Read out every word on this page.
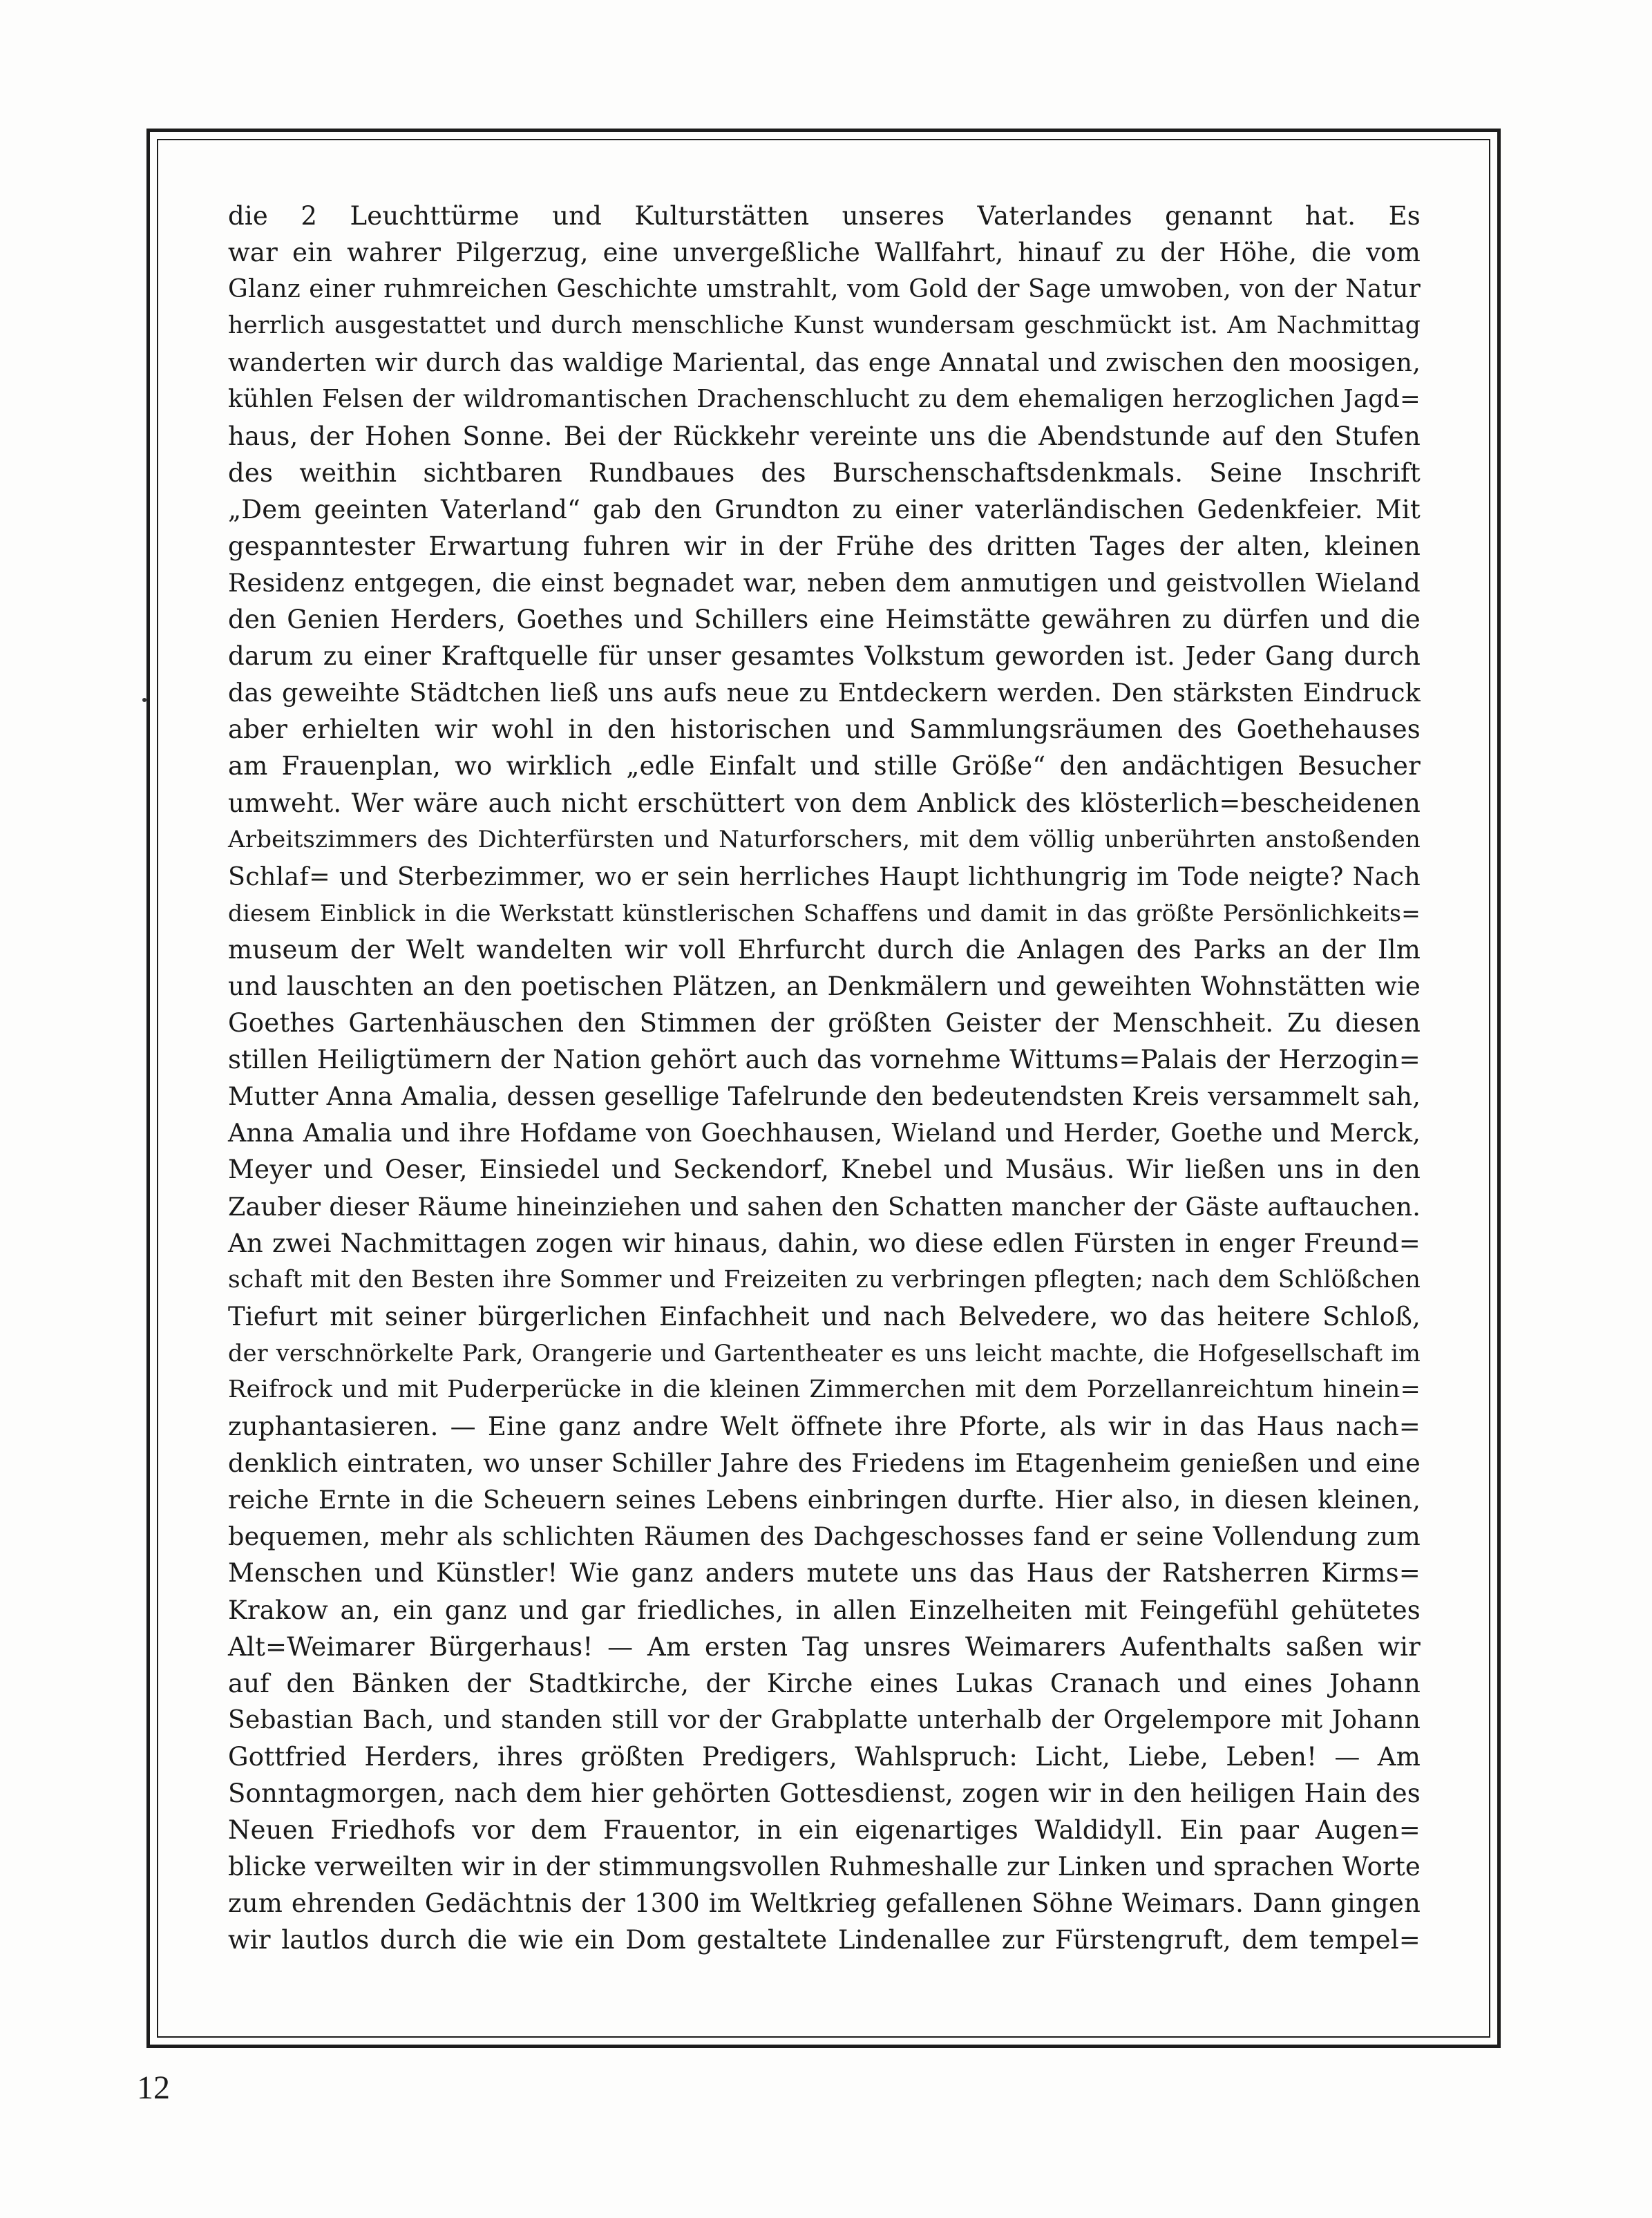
die 2 Leuchttürme und Kulturstätten unseres Vaterlandes genannt hat. Es
war ein wahrer Pilgerzug, eine unvergeßliche Wallfahrt, hinauf zu der Höhe, die vom
Glanz einer ruhmreichen Geschichte umstrahlt, vom Gold der Sage umwoben, von der Natur
herrlich ausgestattet und durch menschliche Kunst wundersam geschmückt ist. Am Nachmittag
wanderten wir durch das waldige Mariental, das enge Annatal und zwischen den moosigen,
kühlen Felsen der wildromantischen Drachenschlucht zu dem ehemaligen herzoglichen Jagd=
haus, der Hohen Sonne. Bei der Rückkehr vereinte uns die Abendstunde auf den Stufen
des weithin sichtbaren Rundbaues des Burschenschaftsdenkmals. Seine Inschrift
„Dem geeinten Vaterland“ gab den Grundton zu einer vaterländischen Gedenkfeier. Mit
gespanntester Erwartung fuhren wir in der Frühe des dritten Tages der alten, kleinen
Residenz entgegen, die einst begnadet war, neben dem anmutigen und geistvollen Wieland
den Genien Herders, Goethes und Schillers eine Heimstätte gewähren zu dürfen und die
darum zu einer Kraftquelle für unser gesamtes Volkstum geworden ist. Jeder Gang durch
das geweihte Städtchen ließ uns aufs neue zu Entdeckern werden. Den stärksten Eindruck
aber erhielten wir wohl in den historischen und Sammlungsräumen des Goethehauses
am Frauenplan, wo wirklich „edle Einfalt und stille Größe“ den andächtigen Besucher
umweht. Wer wäre auch nicht erschüttert von dem Anblick des klösterlich=bescheidenen
Arbeitszimmers des Dichterfürsten und Naturforschers, mit dem völlig unberührten anstoßenden
Schlaf= und Sterbezimmer, wo er sein herrliches Haupt lichthungrig im Tode neigte? Nach
diesem Einblick in die Werkstatt künstlerischen Schaffens und damit in das größte Persönlichkeits=
museum der Welt wandelten wir voll Ehrfurcht durch die Anlagen des Parks an der Ilm
und lauschten an den poetischen Plätzen, an Denkmälern und geweihten Wohnstätten wie
Goethes Gartenhäuschen den Stimmen der größten Geister der Menschheit. Zu diesen
stillen Heiligtümern der Nation gehört auch das vornehme Wittums=Palais der Herzogin=
Mutter Anna Amalia, dessen gesellige Tafelrunde den bedeutendsten Kreis versammelt sah,
Anna Amalia und ihre Hofdame von Goechhausen, Wieland und Herder, Goethe und Merck,
Meyer und Oeser, Einsiedel und Seckendorf, Knebel und Musäus. Wir ließen uns in den
Zauber dieser Räume hineinziehen und sahen den Schatten mancher der Gäste auftauchen.
An zwei Nachmittagen zogen wir hinaus, dahin, wo diese edlen Fürsten in enger Freund=
schaft mit den Besten ihre Sommer und Freizeiten zu verbringen pflegten; nach dem Schlößchen
Tiefurt mit seiner bürgerlichen Einfachheit und nach Belvedere, wo das heitere Schloß,
der verschnörkelte Park, Orangerie und Gartentheater es uns leicht machte, die Hofgesellschaft im
Reifrock und mit Puderperücke in die kleinen Zimmerchen mit dem Porzellanreichtum hinein=
zuphantasieren. — Eine ganz andre Welt öffnete ihre Pforte, als wir in das Haus nach=
denklich eintraten, wo unser Schiller Jahre des Friedens im Etagenheim genießen und eine
reiche Ernte in die Scheuern seines Lebens einbringen durfte. Hier also, in diesen kleinen,
bequemen, mehr als schlichten Räumen des Dachgeschosses fand er seine Vollendung zum
Menschen und Künstler! Wie ganz anders mutete uns das Haus der Ratsherren Kirms=
Krakow an, ein ganz und gar friedliches, in allen Einzelheiten mit Feingefühl gehütetes
Alt=Weimarer Bürgerhaus! — Am ersten Tag unsres Weimarers Aufenthalts saßen wir
auf den Bänken der Stadtkirche, der Kirche eines Lukas Cranach und eines Johann
Sebastian Bach, und standen still vor der Grabplatte unterhalb der Orgelempore mit Johann
Gottfried Herders, ihres größten Predigers, Wahlspruch: Licht, Liebe, Leben! — Am
Sonntagmorgen, nach dem hier gehörten Gottesdienst, zogen wir in den heiligen Hain des
Neuen Friedhofs vor dem Frauentor, in ein eigenartiges Waldidyll. Ein paar Augen=
blicke verweilten wir in der stimmungsvollen Ruhmeshalle zur Linken und sprachen Worte
zum ehrenden Gedächtnis der 1300 im Weltkrieg gefallenen Söhne Weimars. Dann gingen
wir lautlos durch die wie ein Dom gestaltete Lindenallee zur Fürstengruft, dem tempel=
12
